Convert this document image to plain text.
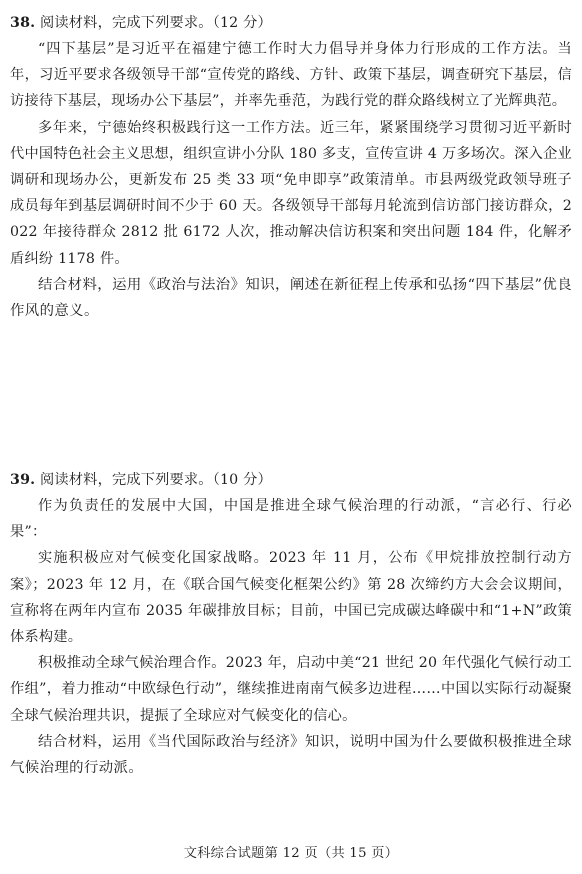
38. 阅读材料，完成下列要求。（12 分）

“四下基层”是习近平在福建宁德工作时大力倡导并身体力行形成的工作方法。当年，习近平要求各级领导干部“宣传党的路线、方针、政策下基层，调查研究下基层，信访接待下基层，现场办公下基层”，并率先垂范，为践行党的群众路线树立了光辉典范。

多年来，宁德始终积极践行这一工作方法。近三年，紧紧围绕学习贯彻习近平新时代中国特色社会主义思想，组织宣讲小分队 180 多支，宣传宣讲 4 万多场次。深入企业调研和现场办公，更新发布 25 类 33 项“免申即享”政策清单。市县两级党政领导班子成员每年到基层调研时间不少于 60 天。各级领导干部每月轮流到信访部门接访群众，2022 年接待群众 2812 批 6172 人次，推动解决信访积案和突出问题 184 件，化解矛盾纠纷 1178 件。

结合材料，运用《政治与法治》知识，阐述在新征程上传承和弘扬“四下基层”优良作风的意义。

39. 阅读材料，完成下列要求。（10 分）

作为负责任的发展中大国，中国是推进全球气候治理的行动派，“言必行、行必果”：

实施积极应对气候变化国家战略。2023 年 11 月，公布《甲烷排放控制行动方案》；2023 年 12 月，在《联合国气候变化框架公约》第 28 次缔约方大会会议期间，宣称将在两年内宣布 2035 年碳排放目标；目前，中国已完成碳达峰碳中和“1+N”政策体系构建。

积极推动全球气候治理合作。2023 年，启动中美“21 世纪 20 年代强化气候行动工作组”，着力推动“中欧绿色行动”，继续推进南南气候多边进程……中国以实际行动凝聚全球气候治理共识，提振了全球应对气候变化的信心。

结合材料，运用《当代国际政治与经济》知识，说明中国为什么要做积极推进全球气候治理的行动派。

文科综合试题第 12 页（共 15 页）
